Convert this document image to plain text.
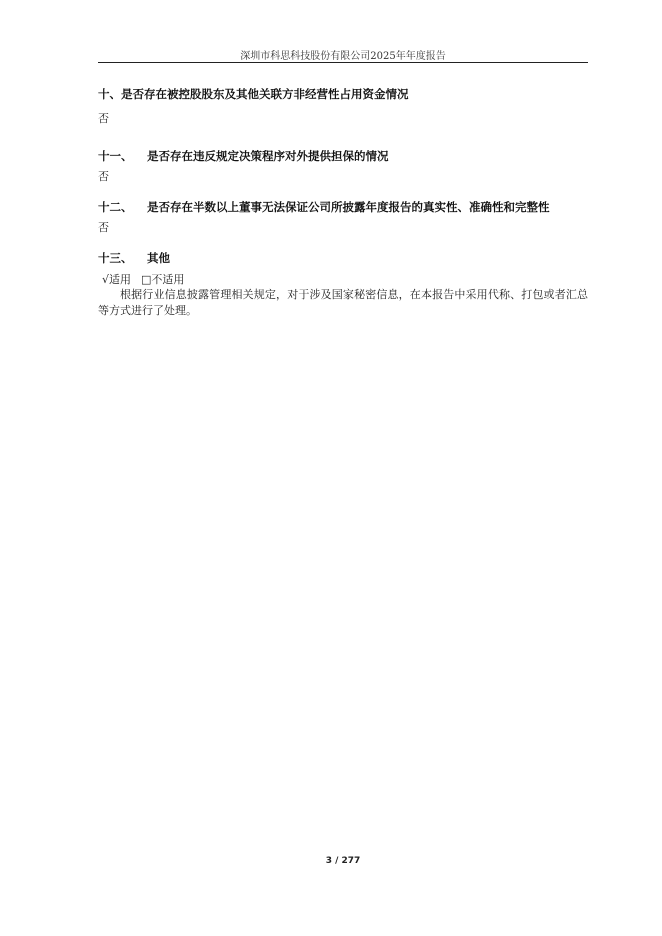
深圳市科思科技股份有限公司2025年年度报告
十、是否存在被控股股东及其他关联方非经营性占用资金情况
否
十一、 是否存在违反规定决策程序对外提供担保的情况
否
十二、 是否存在半数以上董事无法保证公司所披露年度报告的真实性、准确性和完整性
否
十三、 其他
√适用 □不适用
根据行业信息披露管理相关规定，对于涉及国家秘密信息，在本报告中采用代称、打包或者汇总等方式进行了处理。
3 / 277
